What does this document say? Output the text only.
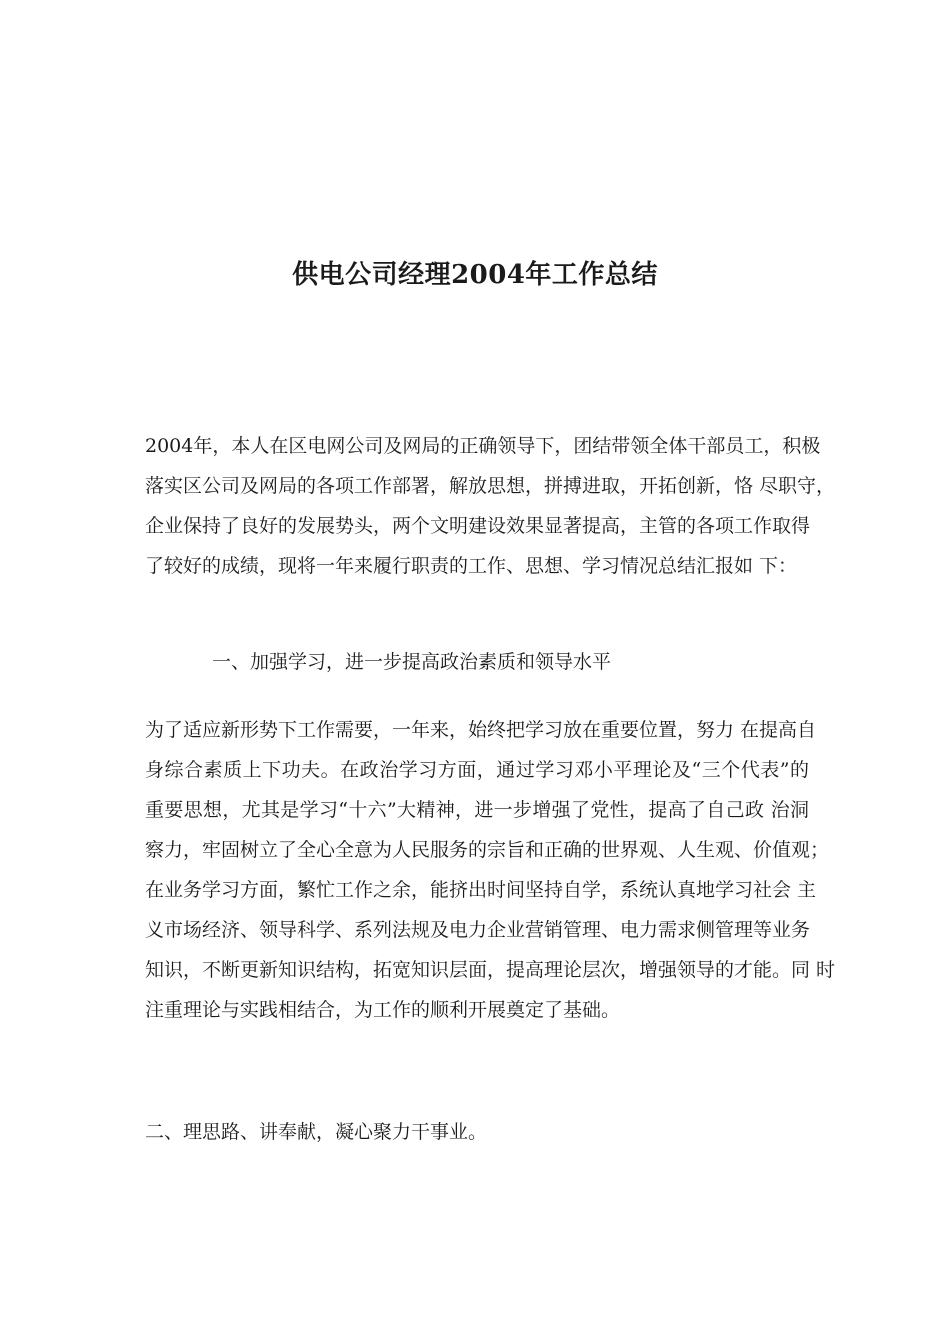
供电公司经理2004年工作总结

2004年，本人在区电网公司及网局的正确领导下，团结带领全体干部员工，积极
落实区公司及网局的各项工作部署，解放思想，拼搏进取，开拓创新，恪 尽职守，
企业保持了良好的发展势头，两个文明建设效果显著提高，主管的各项工作取得
了较好的成绩，现将一年来履行职责的工作、思想、学习情况总结汇报如 下：

一、加强学习，进一步提高政治素质和领导水平

为了适应新形势下工作需要，一年来，始终把学习放在重要位置，努力 在提高自
身综合素质上下功夫。在政治学习方面，通过学习邓小平理论及“三个代表”的
重要思想，尤其是学习“十六”大精神，进一步增强了党性，提高了自己政 治洞
察力，牢固树立了全心全意为人民服务的宗旨和正确的世界观、人生观、价值观；
在业务学习方面，繁忙工作之余，能挤出时间坚持自学，系统认真地学习社会 主
义市场经济、领导科学、系列法规及电力企业营销管理、电力需求侧管理等业务
知识，不断更新知识结构，拓宽知识层面，提高理论层次，增强领导的才能。同 时
注重理论与实践相结合，为工作的顺利开展奠定了基础。

二、理思路、讲奉献，凝心聚力干事业。
